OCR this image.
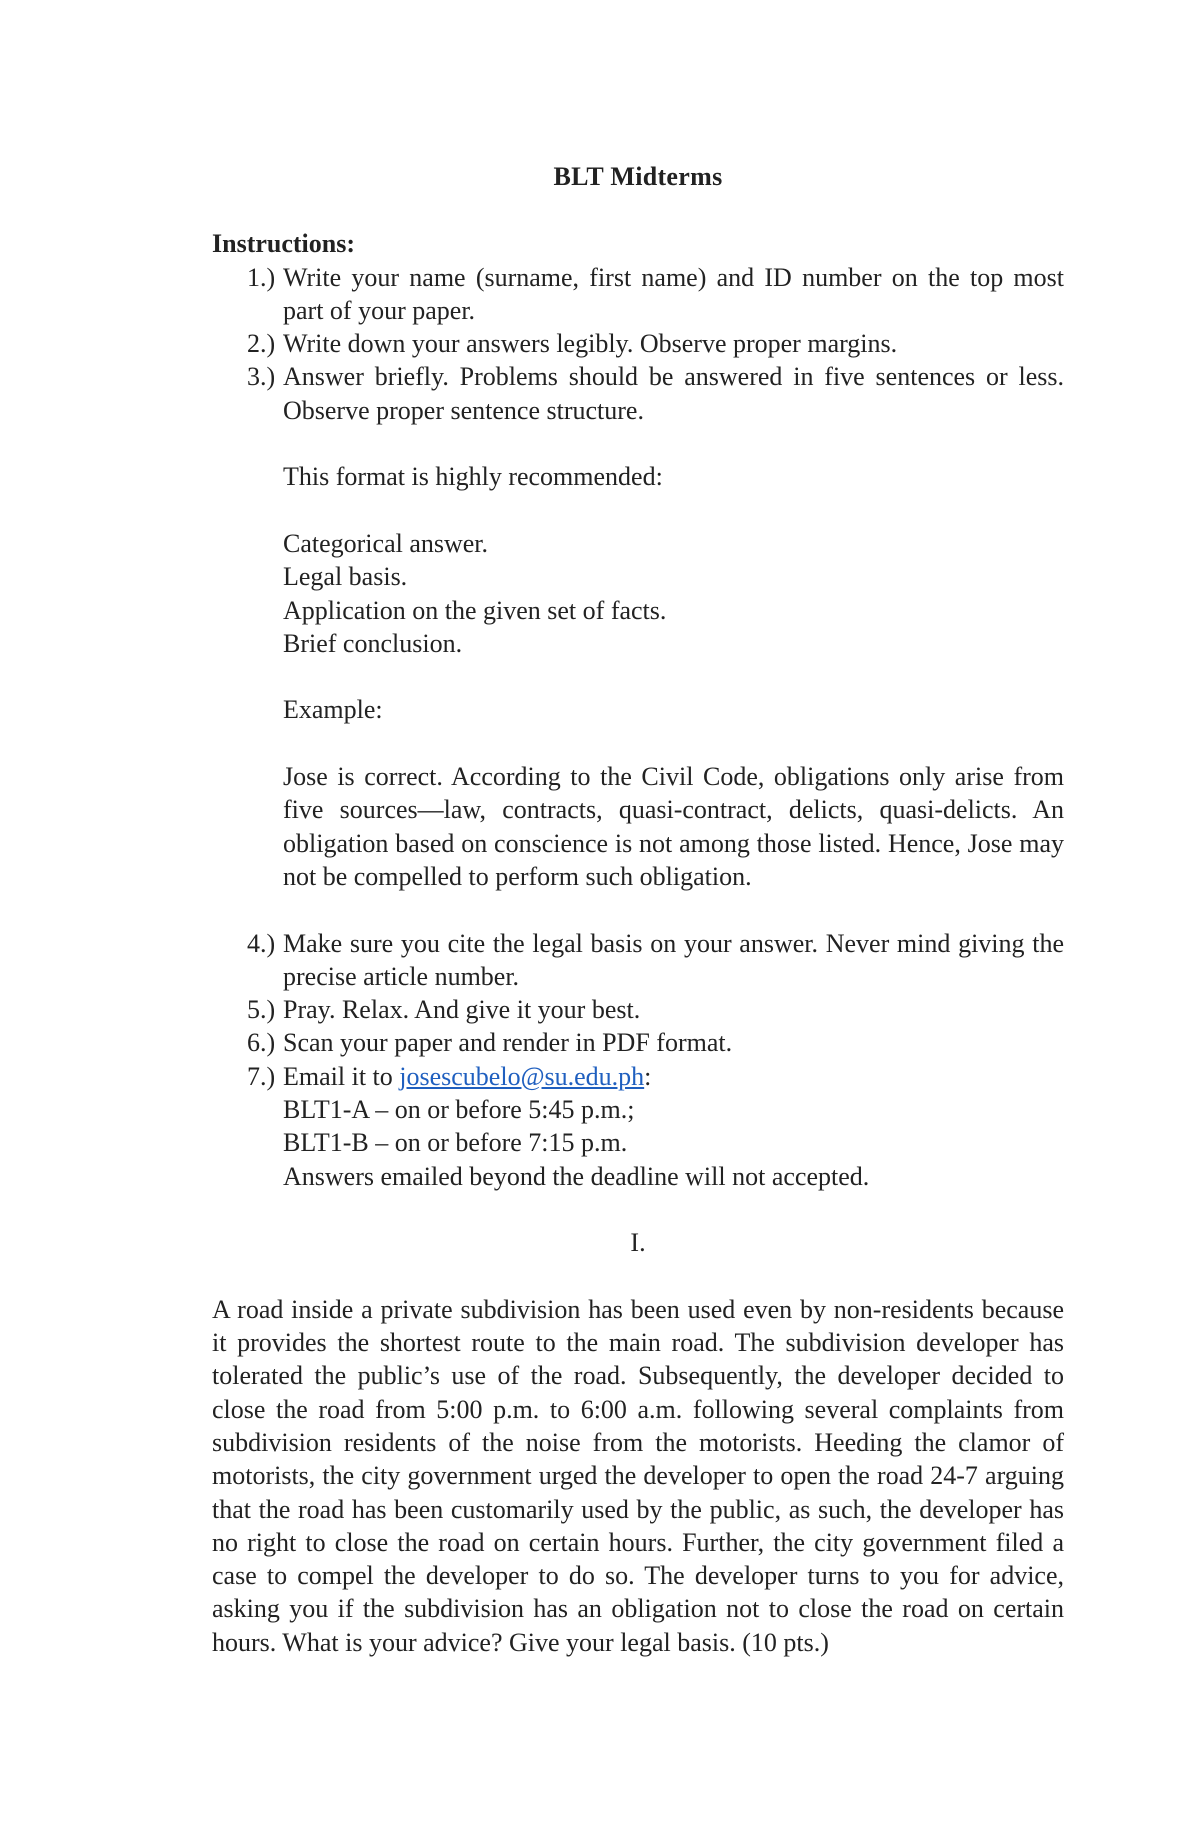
BLT Midterms
Instructions:
1.) Write your name (surname, first name) and ID number on the top most part of your paper.
2.) Write down your answers legibly. Observe proper margins.
3.) Answer briefly. Problems should be answered in five sentences or less. Observe proper sentence structure.
This format is highly recommended:
Categorical answer.
Legal basis.
Application on the given set of facts.
Brief conclusion.
Example:
Jose is correct. According to the Civil Code, obligations only arise from five sources—law, contracts, quasi-contract, delicts, quasi-delicts. An obligation based on conscience is not among those listed. Hence, Jose may not be compelled to perform such obligation.
4.) Make sure you cite the legal basis on your answer. Never mind giving the precise article number.
5.) Pray. Relax. And give it your best.
6.) Scan your paper and render in PDF format.
7.) Email it to josescubelo@su.edu.ph:
BLT1-A – on or before 5:45 p.m.;
BLT1-B – on or before 7:15 p.m.
Answers emailed beyond the deadline will not accepted.
I.

A road inside a private subdivision has been used even by non-residents because it provides the shortest route to the main road. The subdivision developer has tolerated the public’s use of the road. Subsequently, the developer decided to close the road from 5:00 p.m. to 6:00 a.m. following several complaints from subdivision residents of the noise from the motorists. Heeding the clamor of motorists, the city government urged the developer to open the road 24-7 arguing that the road has been customarily used by the public, as such, the developer has no right to close the road on certain hours. Further, the city government filed a case to compel the developer to do so. The developer turns to you for advice, asking you if the subdivision has an obligation not to close the road on certain hours. What is your advice? Give your legal basis. (10 pts.)
